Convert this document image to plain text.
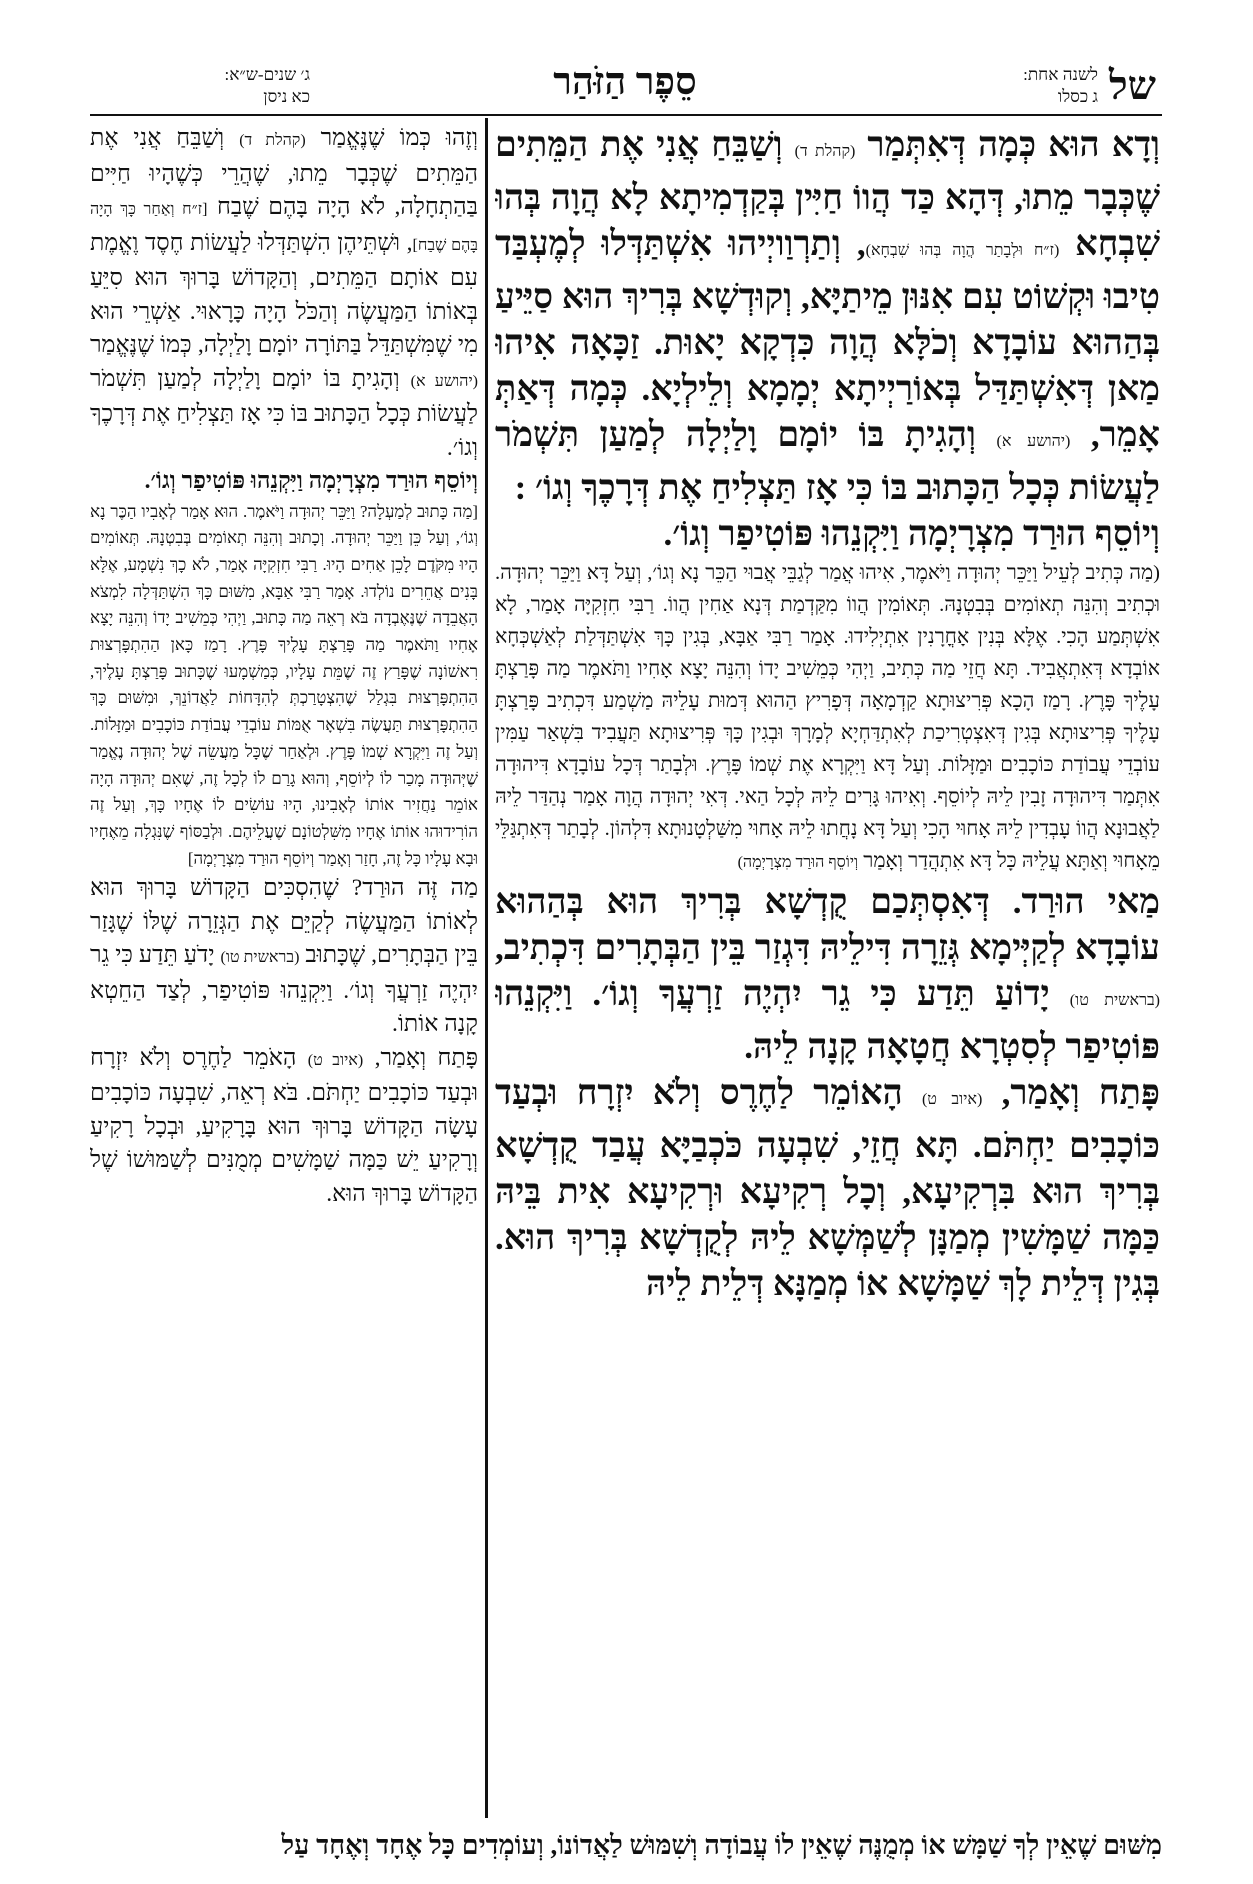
של
לשנה אחת:
ג כסלו
סֵפֶר הַזֹּהַר
ג׳ שנים-ש״א:
כא ניסן

וְדָא הוּא כְּמָה דְּאִתְּמַר (קהלת ד) וְשַׁבֵּחַ אֲנִי אֶת הַמֵּתִים שֶׁכְּבָר מֵתוּ, דְּהָא כַּד הֲווֹ חַיִּין בְּקַדְמִיתָא לָא הֲוָה בְּהוּ שִׁבְחָא (ז״ח וּלְבָתַר הֲוָה בְּהוּ שִׁבְחָא), וְתַרְוַויְיהוּ אִשְׁתַּדְּלוּ לְמֶעְבַּד טִיבוּ וּקְשׁוֹט עִם אִנּוּן מֵיתַיָּא, וְקוּדְשָׁא בְּרִיךְ הוּא סַיֵּיעַ בְּהַהוּא עוֹבָדָא וְכֹלָּא הֲוָה כִּדְקָא יָאוּת. זַכָּאָה אִיהוּ מַאן דְּאִשְׁתַּדַּל בְּאוֹרַיְיתָא יְמָמָא וְלֵילְיָא. כְּמָה דְּאַתְּ אָמֵר, (יהושע א) וְהָגִיתָ בּוֹ יוֹמָם וָלַיְלָה לְמַעַן תִּשְׁמֹר לַעֲשׂוֹת כְּכָל הַכָּתוּב בּוֹ כִּי אָז תַּצְלִיחַ אֶת דְּרָכֶךָ וְגוֹ׳ :

וְיוֹסֵף הוּרַד מִצְרָיְמָה וַיִּקְנֵהוּ פּוֹטִיפַר וְגוֹ׳.

(מַה כְּתִיב לְעֵיל וַיַּכֵּר יְהוּדָה וַיֹּאמֶר, אִיהוּ אֲמַר לְגַבֵּי אֲבוּי הַכֵּר נָא וְגוֹ׳, וְעַל דָּא וַיַּכֵּר יְהוּדָה. וּכְתִיב וְהִנֵּה תְאוֹמִים בְּבִטְנָהּ. תְּאוֹמִין הֲווֹ מִקַּדְמַת דְּנָא אַחִין הֲווֹ. רַבִּי חִזְקִיָּה אָמַר, לָא אִשְׁתְּמַע הָכִי. אֶלָּא בְּנִין אָחֳרָנִין אִתְיְלִידוּ. אָמַר רַבִּי אַבָּא, בְּגִין כָּךְ אִשְׁתַּדְּלַת לְאַשְׁכְּחָא אוֹבְדָא דְּאִתְאֲבִיד. תָּא חֲזֵי מַה כְּתִיב, וַיְהִי כְּמֵשִׁיב יָדוֹ וְהִנֵּה יָצָא אָחִיו וַתֹּאמֶר מַה פָּרַצְתָּ עָלֶיךָ פָּרֶץ. רָמַז הָכָא פְּרִיצוּתָא קַדְמָאָה דְּפָרִיץ הַהוּא דְּמוּת עָלֵיהּ מַשְׁמַע דִּכְתִיב פָּרַצְתָּ עָלֶיךָ פְּרִיצוּתָא בְּגִין דְּאִצְטְרִיכַת לְאִתְדַּחְיָא לְמָרָךְ וּבְגִין כָּךְ פְּרִיצוּתָא תַּעֲבִיד בִּשְׁאַר עַמִּין עוֹבְדֵי עֲבוֹדַת כּוֹכָבִים וּמַזָּלוֹת. וְעַל דָּא וַיִּקְרָא אֶת שְׁמוֹ פָּרֶץ. וּלְבָתַר דְּכָל עוֹבָדָא דִּיהוּדָה אִתְּמַר דִּיהוּדָה זָבִין לֵיהּ לְיוֹסֵף. וְאִיהוּ גָּרִים לֵיהּ לְכָל הַאי. דְּאִי יְהוּדָה הֲוָה אָמַר נְהַדַּר לֵיהּ לַאֲבוּנָא הֲווֹ עָבְדִין לֵיהּ אָחוּי הָכִי וְעַל דָּא נָחֲתוּ לֵיהּ אָחוּי מִשַּׁלְטָנוּתָא דִּלְהוֹן. לְבָתַר דְּאִתְגַּלֵּי מֵאָחוּי וְאַתָּא עֲלֵיהּ כָּל דָּא אִתְהֲדַר וְאָמַר וְיוֹסֵף הוּרַד מִצְרָיְמָה)

מַאי הוּרַד. דְּאִסְתְּכַם קֻדְשָׁא בְּרִיךְ הוּא בְּהַהוּא עוֹבָדָא לְקַיְּימָא גְּזֵרָה דִּילֵיהּ דִּגְזַר בֵּין הַבְּתָרִים דִּכְתִיב, (בראשית טו) יָדוֹעַ תֵּדַע כִּי גֵר יִהְיֶה זַרְעֲךָ וְגוֹ׳. וַיִּקְנֵהוּ פּוֹטִיפַר לְסִטְרָא חֲטָאָה קָנָה לֵיהּ.

פָּתַח וְאָמַר, (איוב ט) הָאוֹמֵר לַחֶרֶס וְלֹא יִזְרָח וּבְעַד כּוֹכָבִים יַחְתֹּם. תָּא חֲזֵי, שִׁבְעָה כֹּכְבַיָּא עֲבַד קֻדְשָׁא בְּרִיךְ הוּא בִּרְקִיעָא, וְכָל רְקִיעָא וּרְקִיעָא אִית בֵּיהּ כַּמָּה שַׁמָּשִׁין מְמַנָּן לְשַׁמְּשָׁא לֵיהּ לְקֻדְשָׁא בְּרִיךְ הוּא. בְּגִין דְּלֵית לָךְ שַׁמָּשָׁא אוֹ מְמַנָּא דְּלֵית לֵיהּ

וְזֶהוּ כְּמוֹ שֶׁנֶּאֱמַר (קהלת ד) וְשַׁבֵּחַ אֲנִי אֶת הַמֵּתִים שֶׁכְּבָר מֵתוּ, שֶׁהֲרֵי כְּשֶׁהָיוּ חַיִּים בַּהַתְחָלָה, לֹא הָיָה בָּהֶם שֶׁבַח [ז״ח וְאַחַר כָּךְ הָיָה בָּהֶם שֶׁבַח], וּשְׁתֵּיהֶן הִשְׁתַּדְּלוּ לַעֲשׂוֹת חֶסֶד וֶאֱמֶת עִם אוֹתָם הַמֵּתִים, וְהַקָּדוֹשׁ בָּרוּךְ הוּא סִיֵּעַ בְּאוֹתוֹ הַמַּעֲשֶׂה וְהַכֹּל הָיָה כָּרָאוּי. אַשְׁרֵי הוּא מִי שֶׁמִּשְׁתַּדֵּל בַּתּוֹרָה יוֹמָם וָלַיְלָה, כְּמוֹ שֶׁנֶּאֱמַר (יהושע א) וְהָגִיתָ בּוֹ יוֹמָם וָלַיְלָה לְמַעַן תִּשְׁמֹר לַעֲשׂוֹת כְּכָל הַכָּתוּב בּוֹ כִּי אָז תַּצְלִיחַ אֶת דְּרָכֶךָ וְגוֹ׳.

וְיוֹסֵף הוּרַד מִצְרָיְמָה וַיִּקְנֵהוּ פּוֹטִיפַר וְגוֹ׳.

[מַה כָּתוּב לְמַעְלָה? וַיַּכֵּר יְהוּדָה וַיֹּאמֶר. הוּא אָמַר לְאָבִיו הַכֶּר נָא וְגוֹ׳, וְעַל כֵּן וַיַּכֵּר יְהוּדָה. וְכָתוּב וְהִנֵּה תְאוֹמִים בְּבִטְנָהּ. תְּאוֹמִים הָיוּ מִקֹּדֶם לָכֵן אַחִים הָיוּ. רַבִּי חִזְקִיָּה אָמַר, לֹא כָךְ נִשְׁמָע, אֶלָּא בָּנִים אֲחֵרִים נוֹלְדוּ. אָמַר רַבִּי אַבָּא, מִשּׁוּם כָּךְ הִשְׁתַּדְּלָה לִמְצֹא הָאֲבֵדָה שֶׁנֶּאֶבְדָה בֹּא רְאֵה מַה כָּתוּב, וַיְהִי כְּמֵשִׁיב יָדוֹ וְהִנֵּה יָצָא אָחִיו וַתֹּאמֶר מַה פָּרַצְתָּ עָלֶיךָ פָּרֶץ. רָמַז כָּאן הַהִתְפָּרְצוּת רִאשׁוֹנָה שֶׁפָּרַץ זֶה שֶׁמֵּת עָלָיו, כְּמַשְׁמָעוּ שֶׁכָּתוּב פָּרַצְתָּ עָלֶיךָ, הַהִתְפָּרְצוּת בִּגְלַל שֶׁהִצְטָרַכְתְּ לְהִדָּחוֹת לַאֲדוֹנֵךְ, וּמִשּׁוּם כָּךְ הַהִתְפָּרְצוּת תַּעֲשֶׂה בִּשְׁאָר אֻמּוֹת עוֹבְדֵי עֲבוֹדַת כּוֹכָבִים וּמַזָּלוֹת. וְעַל זֶה וַיִּקְרָא שְׁמוֹ פָּרֶץ. וּלְאַחַר שֶׁכָּל מַעֲשֵׂה שֶׁל יְהוּדָה נֶאֱמַר שֶׁיְּהוּדָה מָכַר לוֹ לְיוֹסֵף, וְהוּא גָרַם לוֹ לְכָל זֶה, שֶׁאִם יְהוּדָה הָיָה אוֹמֵר נַחֲזִיר אוֹתוֹ לְאָבִינוּ, הָיוּ עוֹשִׂים לוֹ אֶחָיו כָּךְ, וְעַל זֶה הוֹרִידוּהוּ אוֹתוֹ אֶחָיו מִשִּׁלְטוֹנָם שֶׁעֲלֵיהֶם. וּלְבַסּוֹף שֶׁנִּגְלָה מֵאֶחָיו וּבָא עָלָיו כָּל זֶה, חָזַר וְאָמַר וְיוֹסֵף הוּרַד מִצְרָיְמָה]

מַה זֶּה הוּרַד? שֶׁהִסְכִּים הַקָּדוֹשׁ בָּרוּךְ הוּא לְאוֹתוֹ הַמַּעֲשֶׂה לְקַיֵּם אֶת הַגְּזֵרָה שֶׁלּוֹ שֶׁגָּזַר בֵּין הַבְּתָרִים, שֶׁכָּתוּב (בראשית טו) יָדֹעַ תֵּדַע כִּי גֵר יִהְיֶה זַרְעֲךָ וְגוֹ׳. וַיִּקְנֵהוּ פּוֹטִיפַר, לְצַד הַחֵטְא קָנָה אוֹתוֹ.

פָּתַח וְאָמַר, (איוב ט) הָאֹמֵר לַחֶרֶס וְלֹא יִזְרָח וּבְעַד כּוֹכָבִים יַחְתֹּם. בֹּא רְאֵה, שִׁבְעָה כּוֹכָבִים עָשָׂה הַקָּדוֹשׁ בָּרוּךְ הוּא בָּרָקִיעַ, וּבְכָל רָקִיעַ וְרָקִיעַ יֵשׁ כַּמָּה שַׁמָּשִׁים מְמֻנִּים לְשַׁמּוּשׁוֹ שֶׁל הַקָּדוֹשׁ בָּרוּךְ הוּא.

מִשּׁוּם שֶׁאֵין לְךָ שַׁמָּשׁ אוֹ מְמֻנֶּה שֶׁאֵין לוֹ עֲבוֹדָה וְשִׁמּוּשׁ לַאֲדוֹנוֹ, וְעוֹמְדִים כָּל אֶחָד וְאֶחָד עַל
